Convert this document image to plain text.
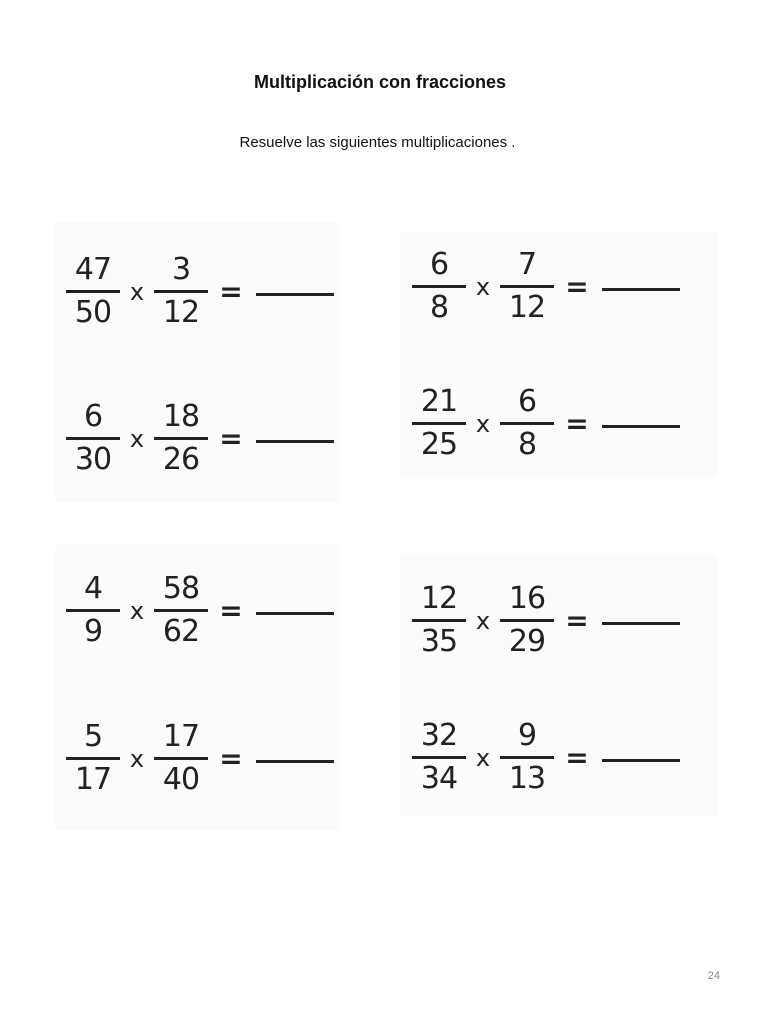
Multiplicación con fracciones
Resuelve las siguientes multiplicaciones .
$\frac{47}{50}$ x $\frac{3}{12}$ =	$\frac{6}{8}$ x $\frac{7}{12}$ =
$\frac{6}{30}$ x $\frac{18}{26}$ =	$\frac{21}{25}$ x $\frac{6}{8}$ =
$\frac{4}{9}$ x $\frac{58}{62}$ =	$\frac{12}{35}$ x $\frac{16}{29}$ =
$\frac{5}{17}$ x $\frac{17}{40}$ =	$\frac{32}{34}$ x $\frac{9}{13}$ =
24
